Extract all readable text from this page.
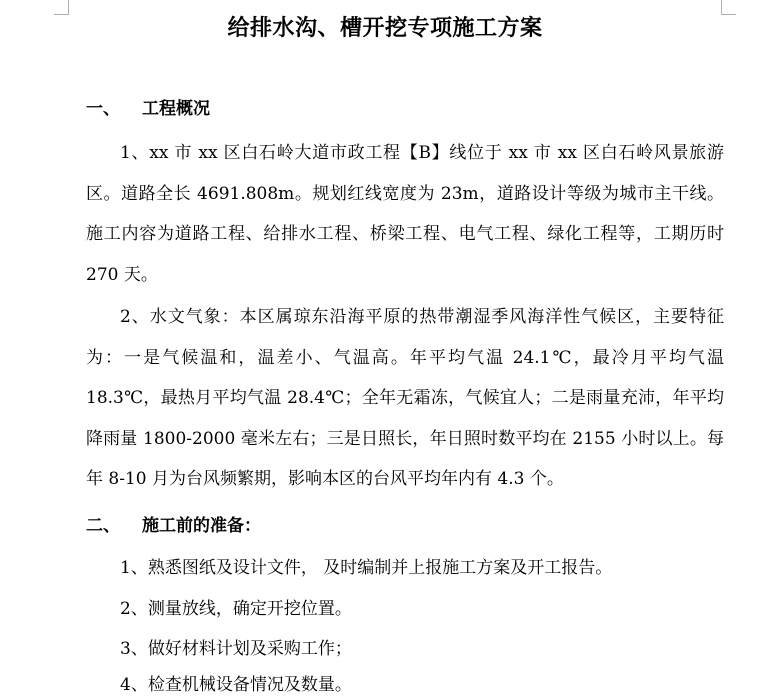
给排水沟、槽开挖专项施工方案
一、 工程概况
1、xx 市 xx 区白石岭大道市政工程【B】线位于 xx 市 xx 区白石岭风景旅游区。道路全长 4691.808m。规划红线宽度为 23m，道路设计等级为城市主干线。施工内容为道路工程、给排水工程、桥梁工程、电气工程、绿化工程等，工期历时 270 天。
2、水文气象：本区属琼东沿海平原的热带潮湿季风海洋性气候区，主要特征为：一是气候温和，温差小、气温高。年平均气温 24.1℃，最冷月平均气温 18.3℃，最热月平均气温 28.4℃；全年无霜冻，气候宜人；二是雨量充沛，年平均降雨量 1800-2000 毫米左右；三是日照长，年日照时数平均在 2155 小时以上。每年 8-10 月为台风频繁期，影响本区的台风平均年内有 4.3 个。
二、 施工前的准备：
1、熟悉图纸及设计文件， 及时编制并上报施工方案及开工报告。
2、测量放线，确定开挖位置。
3、做好材料计划及采购工作；
4、检查机械设备情况及数量。
